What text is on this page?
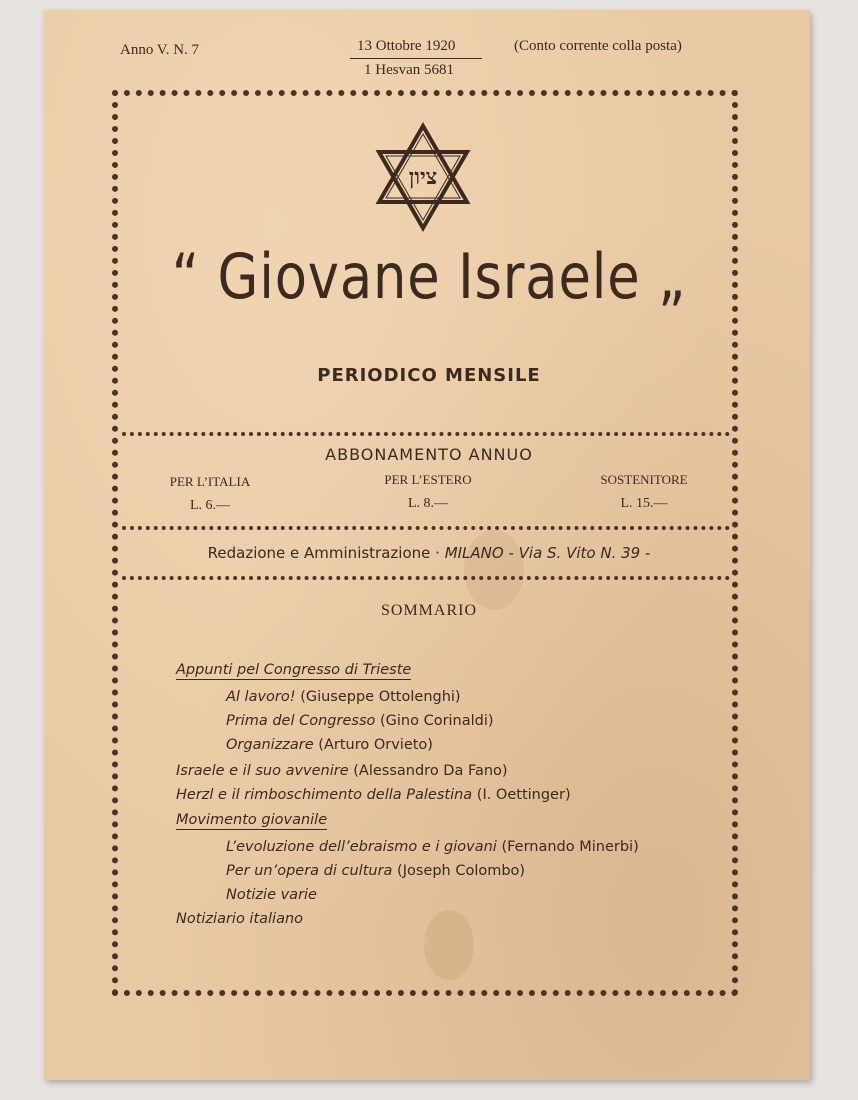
Anno V. N. 7	13 Ottobre 1920	(Conto corrente colla posta)
1 Hesvan 5681
ציון
“ Giovane Israele „
PERIODICO MENSILE
ABBONAMENTO ANNUO
PER L’ITALIA
L. 6.—
PER L’ESTERO
L. 8.—
SOSTENITORE
L. 15.—
Redazione e Amministrazione · MILANO - Via S. Vito N. 39 -
SOMMARIO
Appunti pel Congresso di Trieste
Al lavoro! (Giuseppe Ottolenghi)
Prima del Congresso (Gino Corinaldi)
Organizzare (Arturo Orvieto)
Israele e il suo avvenire (Alessandro Da Fano)
Herzl e il rimboschimento della Palestina (I. Oettinger)
Movimento giovanile
L’evoluzione dell’ebraismo e i giovani (Fernando Minerbi)
Per un’opera di cultura (Joseph Colombo)
Notizie varie
Notiziario italiano
